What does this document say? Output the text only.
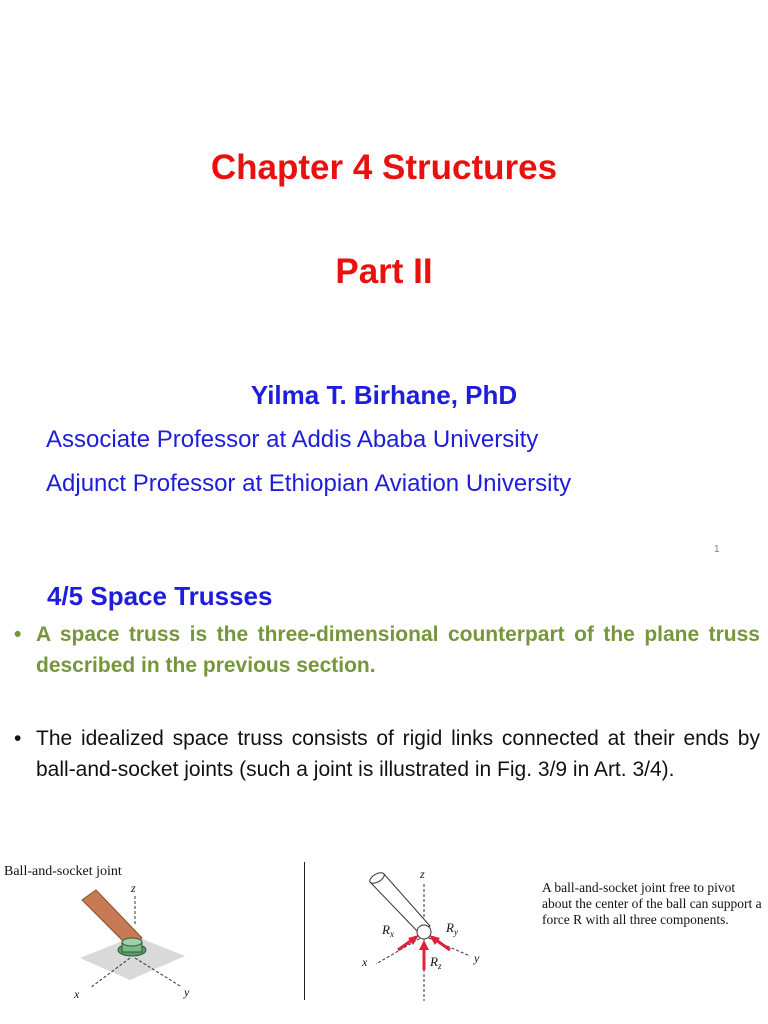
Chapter 4 Structures
Part II
Yilma T. Birhane, PhD
Associate Professor at Addis Ababa University
Adjunct Professor at Ethiopian Aviation University
1
4/5 Space Trusses
• A space truss is the three-dimensional counterpart of the plane truss described in the previous section.
• The idealized space truss consists of rigid links connected at their ends by ball-and-socket joints (such a joint is illustrated in Fig. 3/9 in Art. 3/4).
Ball-and-socket joint
z
x	y
z
x	y
$R_x$	$R_y$
$R_z$
A ball-and-socket joint free to pivot about the center of the ball can support a force R with all three components.
